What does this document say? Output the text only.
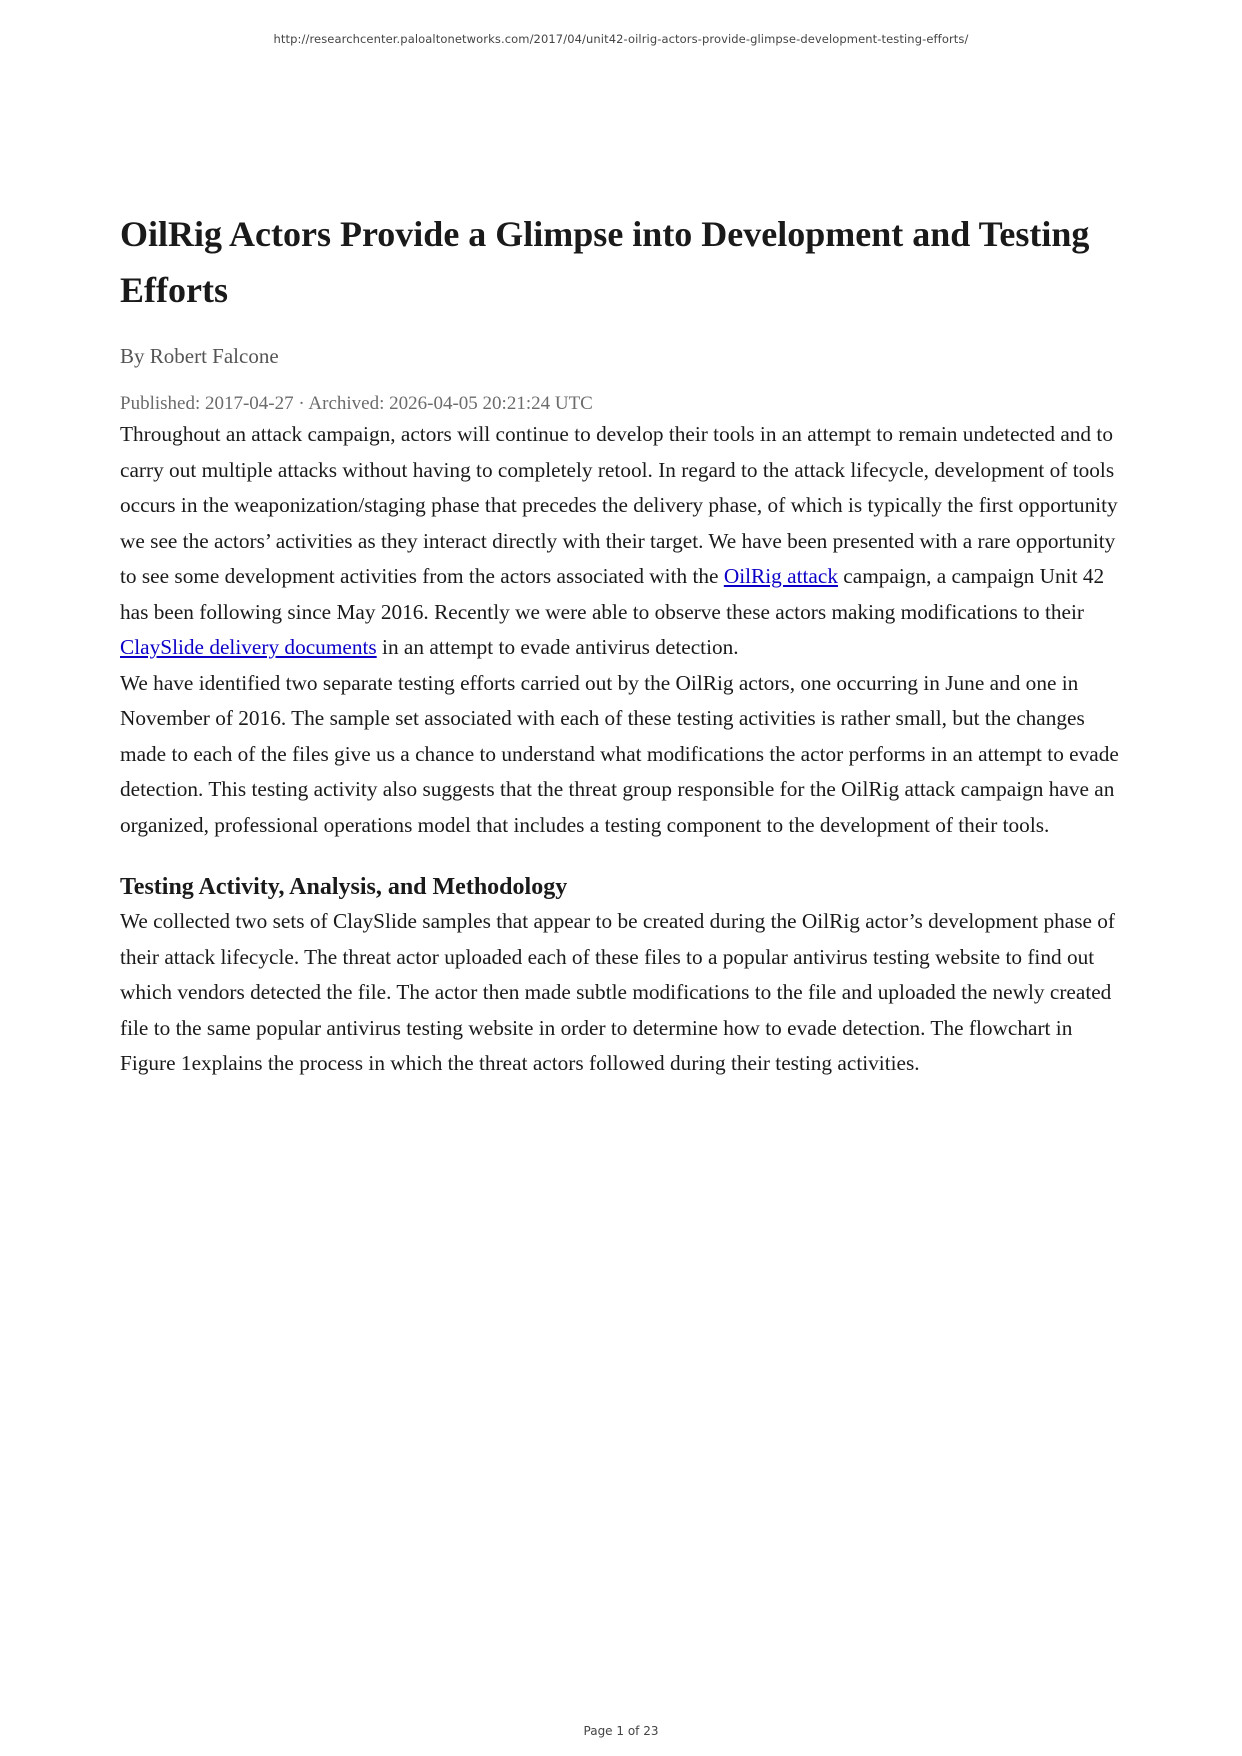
http://researchcenter.paloaltonetworks.com/2017/04/unit42-oilrig-actors-provide-glimpse-development-testing-efforts/
OilRig Actors Provide a Glimpse into Development and Testing Efforts
By Robert Falcone
Published: 2017-04-27 · Archived: 2026-04-05 20:21:24 UTC

Throughout an attack campaign, actors will continue to develop their tools in an attempt to remain undetected and to carry out multiple attacks without having to completely retool. In regard to the attack lifecycle, development of tools occurs in the weaponization/staging phase that precedes the delivery phase, of which is typically the first opportunity we see the actors’ activities as they interact directly with their target. We have been presented with a rare opportunity to see some development activities from the actors associated with the OilRig attack campaign, a campaign Unit 42 has been following since May 2016. Recently we were able to observe these actors making modifications to their ClaySlide delivery documents in an attempt to evade antivirus detection.

We have identified two separate testing efforts carried out by the OilRig actors, one occurring in June and one in November of 2016. The sample set associated with each of these testing activities is rather small, but the changes made to each of the files give us a chance to understand what modifications the actor performs in an attempt to evade detection. This testing activity also suggests that the threat group responsible for the OilRig attack campaign have an organized, professional operations model that includes a testing component to the development of their tools.

Testing Activity, Analysis, and Methodology

We collected two sets of ClaySlide samples that appear to be created during the OilRig actor’s development phase of their attack lifecycle. The threat actor uploaded each of these files to a popular antivirus testing website to find out which vendors detected the file. The actor then made subtle modifications to the file and uploaded the newly created file to the same popular antivirus testing website in order to determine how to evade detection. The flowchart in Figure 1explains the process in which the threat actors followed during their testing activities.

Page 1 of 23
